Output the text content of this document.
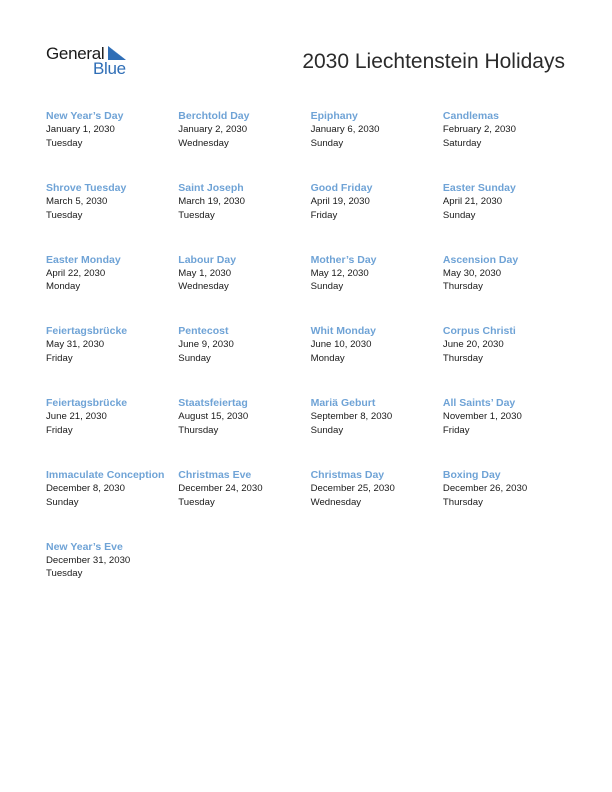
General
Blue	2030 Liechtenstein Holidays
New Year’s Day
January 1, 2030
Tuesday
Berchtold Day
January 2, 2030
Wednesday
Epiphany
January 6, 2030
Sunday
Candlemas
February 2, 2030
Saturday
Shrove Tuesday
March 5, 2030
Tuesday
Saint Joseph
March 19, 2030
Tuesday
Good Friday
April 19, 2030
Friday
Easter Sunday
April 21, 2030
Sunday
Easter Monday
April 22, 2030
Monday
Labour Day
May 1, 2030
Wednesday
Mother’s Day
May 12, 2030
Sunday
Ascension Day
May 30, 2030
Thursday
Feiertagsbrücke
May 31, 2030
Friday
Pentecost
June 9, 2030
Sunday
Whit Monday
June 10, 2030
Monday
Corpus Christi
June 20, 2030
Thursday
Feiertagsbrücke
June 21, 2030
Friday
Staatsfeiertag
August 15, 2030
Thursday
Mariä Geburt
September 8, 2030
Sunday
All Saints’ Day
November 1, 2030
Friday
Immaculate Conception
December 8, 2030
Sunday
Christmas Eve
December 24, 2030
Tuesday
Christmas Day
December 25, 2030
Wednesday
Boxing Day
December 26, 2030
Thursday
New Year’s Eve
December 31, 2030
Tuesday
